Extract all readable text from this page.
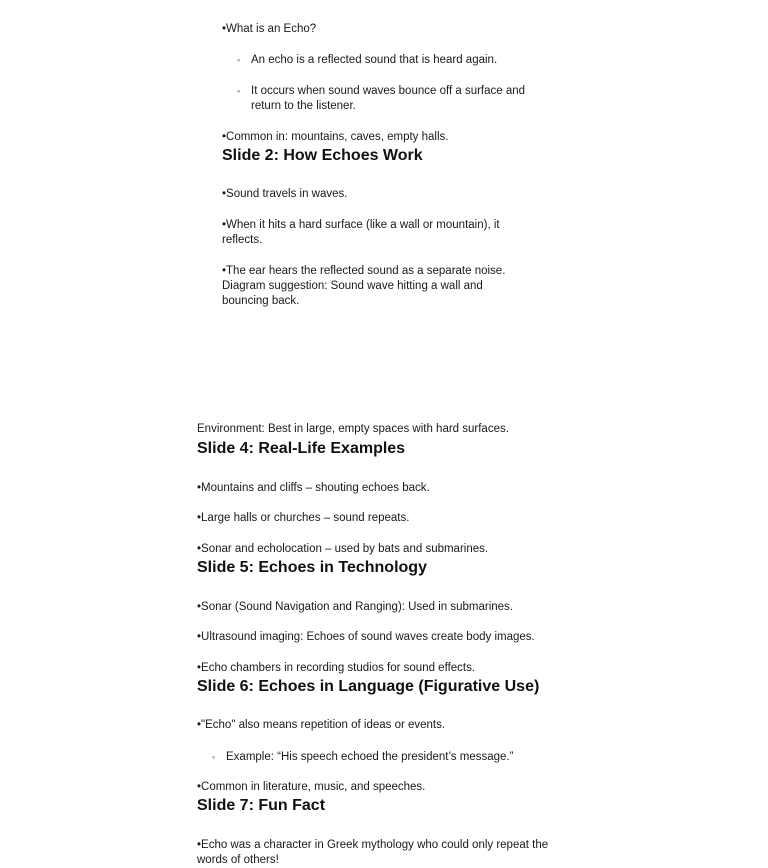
•What is an Echo?

◦ An echo is a reflected sound that is heard again.

◦ It occurs when sound waves bounce off a surface and return to the listener.

•Common in: mountains, caves, empty halls.

Slide 2: How Echoes Work

•Sound travels in waves.

•When it hits a hard surface (like a wall or mountain), it reflects.

•The ear hears the reflected sound as a separate noise. Diagram suggestion: Sound wave hitting a wall and bouncing back.

Environment: Best in large, empty spaces with hard surfaces.

Slide 4: Real-Life Examples

•Mountains and cliffs – shouting echoes back.

•Large halls or churches – sound repeats.

•Sonar and echolocation – used by bats and submarines.

Slide 5: Echoes in Technology

•Sonar (Sound Navigation and Ranging): Used in submarines.

•Ultrasound imaging: Echoes of sound waves create body images.

•Echo chambers in recording studios for sound effects.

Slide 6: Echoes in Language (Figurative Use)

•"Echo" also means repetition of ideas or events.

◦ Example: “His speech echoed the president’s message.”

•Common in literature, music, and speeches.

Slide 7: Fun Fact

•Echo was a character in Greek mythology who could only repeat the words of others!
